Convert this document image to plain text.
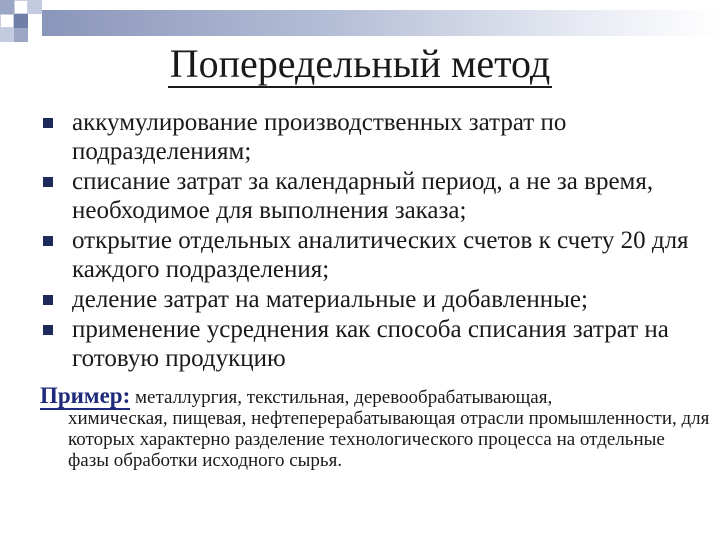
Попередельный метод
аккумулирование производственных затрат по подразделениям;
списание затрат за календарный период, а не за время, необходимое для выполнения заказа;
открытие отдельных аналитических счетов к счету 20 для каждого подразделения;
деление затрат на материальные и добавленные;
применение усреднения как способа списания затрат на готовую продукцию
Пример: металлургия, текстильная, деревообрабатывающая,
химическая, пищевая, нефтеперерабатывающая отрасли промышленности, для которых характерно разделение технологического процесса на отдельные фазы обработки исходного сырья.
